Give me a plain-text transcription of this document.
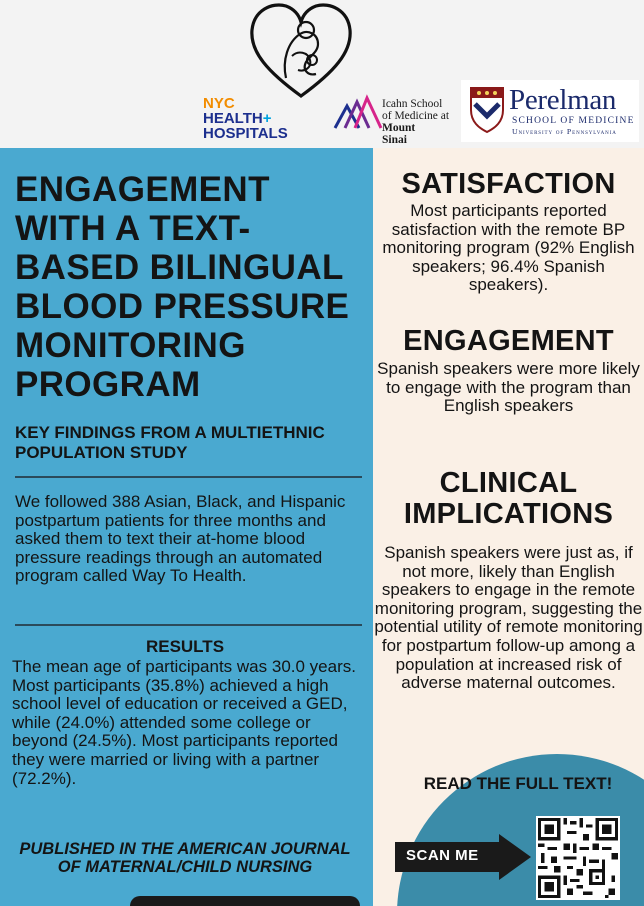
NYC
HEALTH+
HOSPITALS
Icahn School
of Medicine at
Mount
Sinai
Perelman
SCHOOL OF MEDICINE
University of Pennsylvania
ENGAGEMENT WITH A TEXT-BASED BILINGUAL BLOOD PRESSURE MONITORING PROGRAM
KEY FINDINGS FROM A MULTIETHNIC POPULATION STUDY

We followed 388 Asian, Black, and Hispanic postpartum patients for three months and asked them to text their at-home blood pressure readings through an automated program called Way To Health.

RESULTS

The mean age of participants was 30.0 years. Most participants (35.8%) achieved a high school level of education or received a GED, while (24.0%) attended some college or beyond (24.5%). Most participants reported they were married or living with a partner (72.2%).

PUBLISHED IN THE AMERICAN JOURNAL OF MATERNAL/CHILD NURSING

SATISFACTION

Most participants reported satisfaction with the remote BP monitoring program (92% English speakers; 96.4% Spanish speakers).

ENGAGEMENT

Spanish speakers were more likely to engage with the program than English speakers

CLINICAL IMPLICATIONS

Spanish speakers were just as, if not more, likely than English speakers to engage in the remote monitoring program, suggesting the potential utility of remote monitoring for postpartum follow-up among a population at increased risk of adverse maternal outcomes.

READ THE FULL TEXT!
SCAN ME
